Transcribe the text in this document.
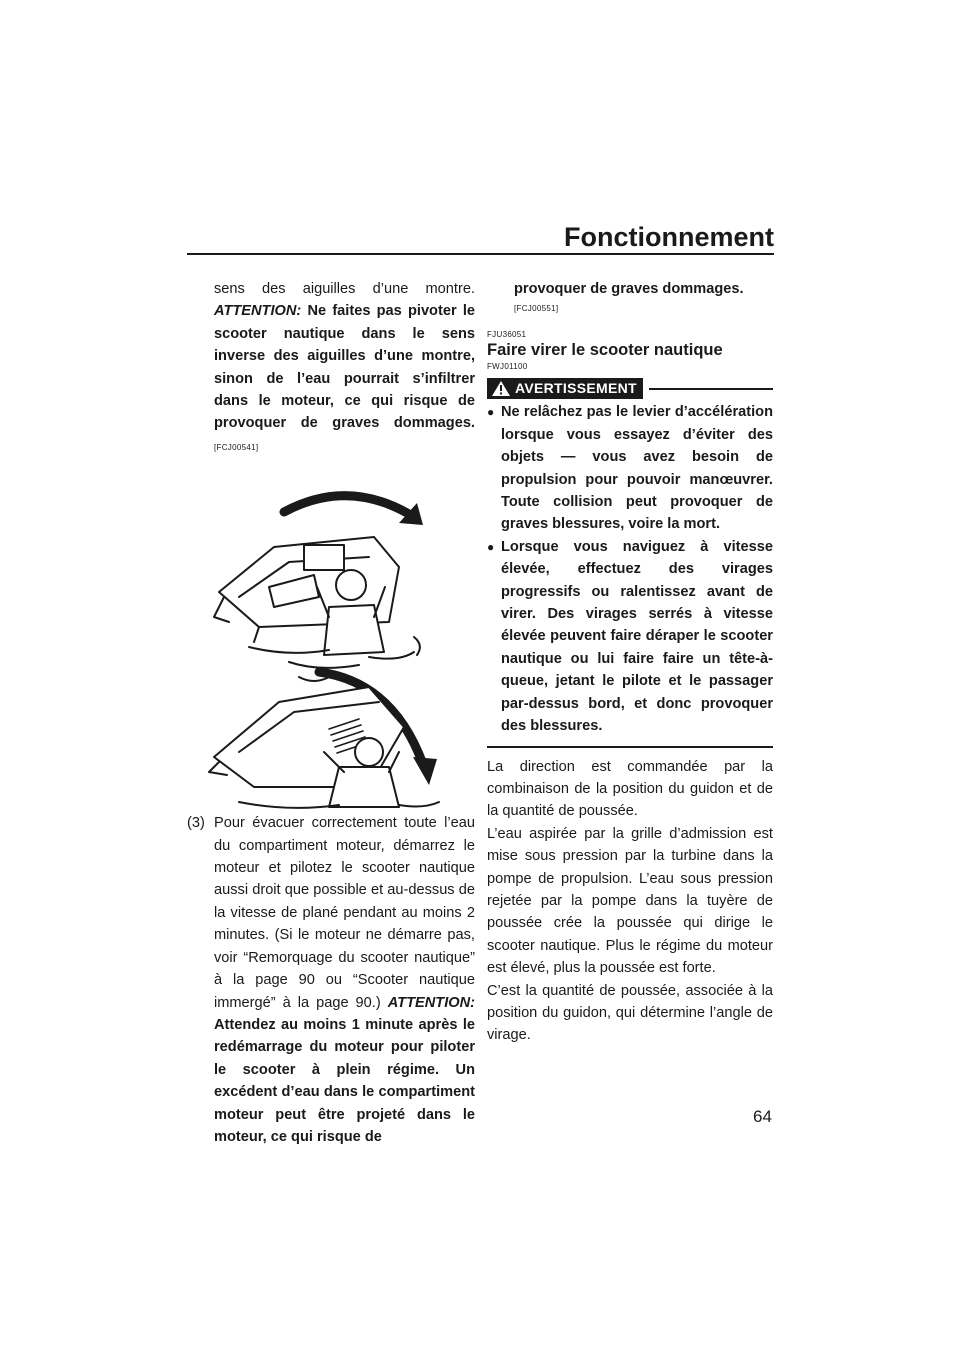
Fonctionnement

sens des aiguilles d’une montre. ATTENTION: Ne faites pas pivoter le scooter nautique dans le sens inverse des aiguilles d’une montre, sinon de l’eau pourrait s’infiltrer dans le moteur, ce qui risque de provoquer de graves dommages. [FCJ00541]

(3) Pour évacuer correctement toute l’eau du compartiment moteur, démarrez le moteur et pilotez le scooter nautique aussi droit que possible et au-dessus de la vitesse de plané pendant au moins 2 minutes. (Si le moteur ne démarre pas, voir “Remorquage du scooter nautique” à la page 90 ou “Scooter nautique immergé” à la page 90.) ATTENTION: Attendez au moins 1 minute après le redémarrage du moteur pour piloter le scooter à plein régime. Un excédent d’eau dans le compartiment moteur peut être projeté dans le moteur, ce qui risque de

provoquer de graves dommages.

[FCJ00551]

FJU36051

Faire virer le scooter nautique

FWJ01100

AVERTISSEMENT
● Ne relâchez pas le levier d’accélération lorsque vous essayez d’éviter des objets — vous avez besoin de propulsion pour pouvoir manœuvrer. Toute collision peut provoquer de graves blessures, voire la mort.
● Lorsque vous naviguez à vitesse élevée, effectuez des virages progressifs ou ralentissez avant de virer. Des virages serrés à vitesse élevée peuvent faire déraper le scooter nautique ou lui faire faire un tête-à-queue, jetant le pilote et le passager par-dessus bord, et donc provoquer des blessures.

La direction est commandée par la combinaison de la position du guidon et de la quantité de poussée.

L’eau aspirée par la grille d’admission est mise sous pression par la turbine dans la pompe de propulsion. L’eau sous pression rejetée par la pompe dans la tuyère de poussée crée la poussée qui dirige le scooter nautique. Plus le régime du moteur est élevé, plus la poussée est forte.

C’est la quantité de poussée, associée à la position du guidon, qui détermine l’angle de virage.

64
